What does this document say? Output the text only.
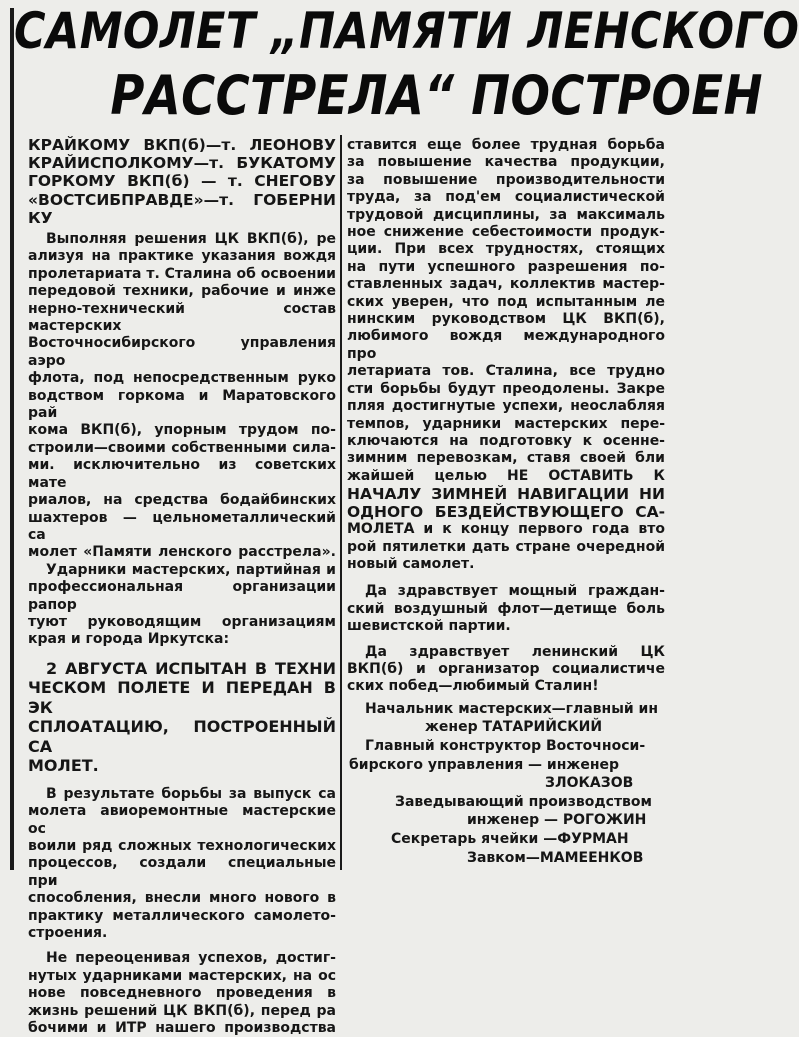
САМОЛЕТ „ПАМЯТИ ЛЕНСКОГО
РАССТРЕЛА“ ПОСТРОЕН

КРАЙКОМУ ВКП(б)—т. ЛЕОНОВУ

КРАЙИСПОЛКОМУ—т. БУКАТОМУ

ГОРКОМУ ВКП(б) — т. СНЕГОВУ

«ВОСТСИБПРАВДЕ»—т. ГОБЕРНИ

КУ

Выполняя решения ЦК ВКП(б), ре

ализуя на практике указания вождя

пролетариата т. Сталина об освоении

передовой техники, рабочие и инже

нерно-технический состав мастерских

Восточносибирского управления аэро

флота, под непосредственным руко

водством горкома и Маратовского рай

кома ВКП(б), упорным трудом по-

строили—своими собственными сила-

ми. исключительно из советских мате

риалов, на средства бодайбинских

шахтеров — цельнометаллический са

молет «Памяти ленского расстрела».

Ударники мастерских, партийная и

профессиональная организации рапор

туют руководящим организациям

края и города Иркутска:

2 АВГУСТА ИСПЫТАН В ТЕХНИ

ЧЕСКОМ ПОЛЕТЕ И ПЕРЕДАН В ЭК

СПЛОАТАЦИЮ, ПОСТРОЕННЫЙ СА

МОЛЕТ.

В результате борьбы за выпуск са

молета авиоремонтные мастерские ос

воили ряд сложных технологических

процессов, создали специальные при

способления, внесли много нового в

практику металлического самолето-

строения.

Не переоценивая успехов, достиг-

нутых ударниками мастерских, на ос

нове повседневного проведения в

жизнь решений ЦК ВКП(б), перед ра

бочими и ИТР нашего производства

ставится еще более трудная борьба

за повышение качества продукции,

за повышение производительности

труда, за под'ем социалистической

трудовой дисциплины, за максималь

ное снижение себестоимости продук-

ции. При всех трудностях, стоящих

на пути успешного разрешения по-

ставленных задач, коллектив мастер-

ских уверен, что под испытанным ле

нинским руководством ЦК ВКП(б),

любимого вождя международного про

летариата тов. Сталина, все трудно

сти борьбы будут преодолены. Закре

пляя достигнутые успехи, неослабляя

темпов, ударники мастерских пере-

ключаются на подготовку к осенне-

зимним перевозкам, ставя своей бли

жайшей целью НЕ ОСТАВИТЬ К

НАЧАЛУ ЗИМНЕЙ НАВИГАЦИИ НИ

ОДНОГО БЕЗДЕЙСТВУЮЩЕГО СА-

МОЛЕТА и к концу первого года вто

рой пятилетки дать стране очередной

новый самолет.

Да здравствует мощный граждан-

ский воздушный флот—детище боль

шевистской партии.

Да здравствует ленинский ЦК

ВКП(б) и организатор социалистиче

ских побед—любимый Сталин!

Начальник мастерских—главный ин

женер ТАТАРИЙСКИЙ

Главный конструктор Восточноси-

бирского управления — инженер

ЗЛОКАЗОВ

Заведывающий производством

инженер — РОГОЖИН

Секретарь ячейки —ФУРМАН

Завком—МАМЕЕНКОВ
